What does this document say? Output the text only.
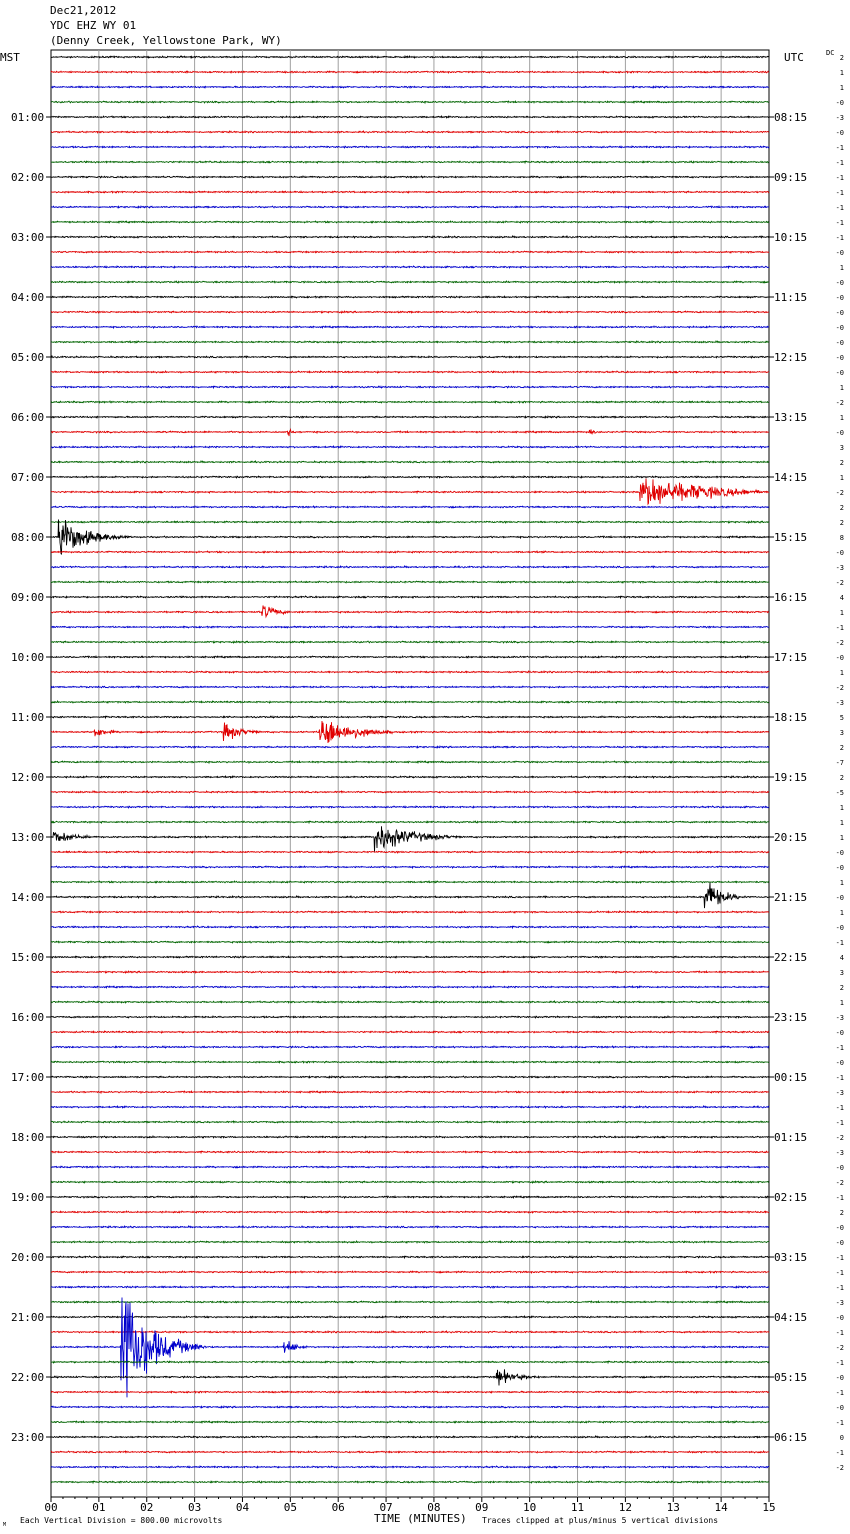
Dec21,2012
YDC EHZ WY 01
(Denny Creek, Yellowstone Park, WY)
MST	UTC	DC
TIME (MINUTES)
Each Vertical Division = 800.00 microvolts	Traces clipped at plus/minus 5 vertical divisions
M
00	01	02	03	04	05	06	07	08	09	10	11	12	13	14	15
01:00	08:15
02:00	09:15
03:00	10:15
04:00	11:15
05:00	12:15
06:00	13:15
07:00	14:15
08:00	15:15
09:00	16:15
10:00	17:15
11:00	18:15
12:00	19:15
13:00	20:15
14:00	21:15
15:00	22:15
16:00	23:15
17:00	00:15
18:00	01:15
19:00	02:15
20:00	03:15
21:00	04:15
22:00	05:15
23:00	06:15
2
1
1
-0
-3
-0
-1
-1
-1
-1
-1
-1
-1
-0
1
-0
-0
-0
-0
-0
-0
-0
1
-2
1
-0
3
2
1
-2
2
2
8
-0
-3
-2
4
1
-1
-2
-0
1
-2
-3
5
3
2
-7
2
-5
1
1
1
-0
-0
1
-0
1
-0
-1
4
3
2
1
-3
-0
-1
-0
-1
-3
-1
-1
-2
-3
-0
-2
-1
2
-0
-0
-1
-1
-1
-3
-0
-1
-2
-1
-0
-1
-0
-1
0
-1
-2
